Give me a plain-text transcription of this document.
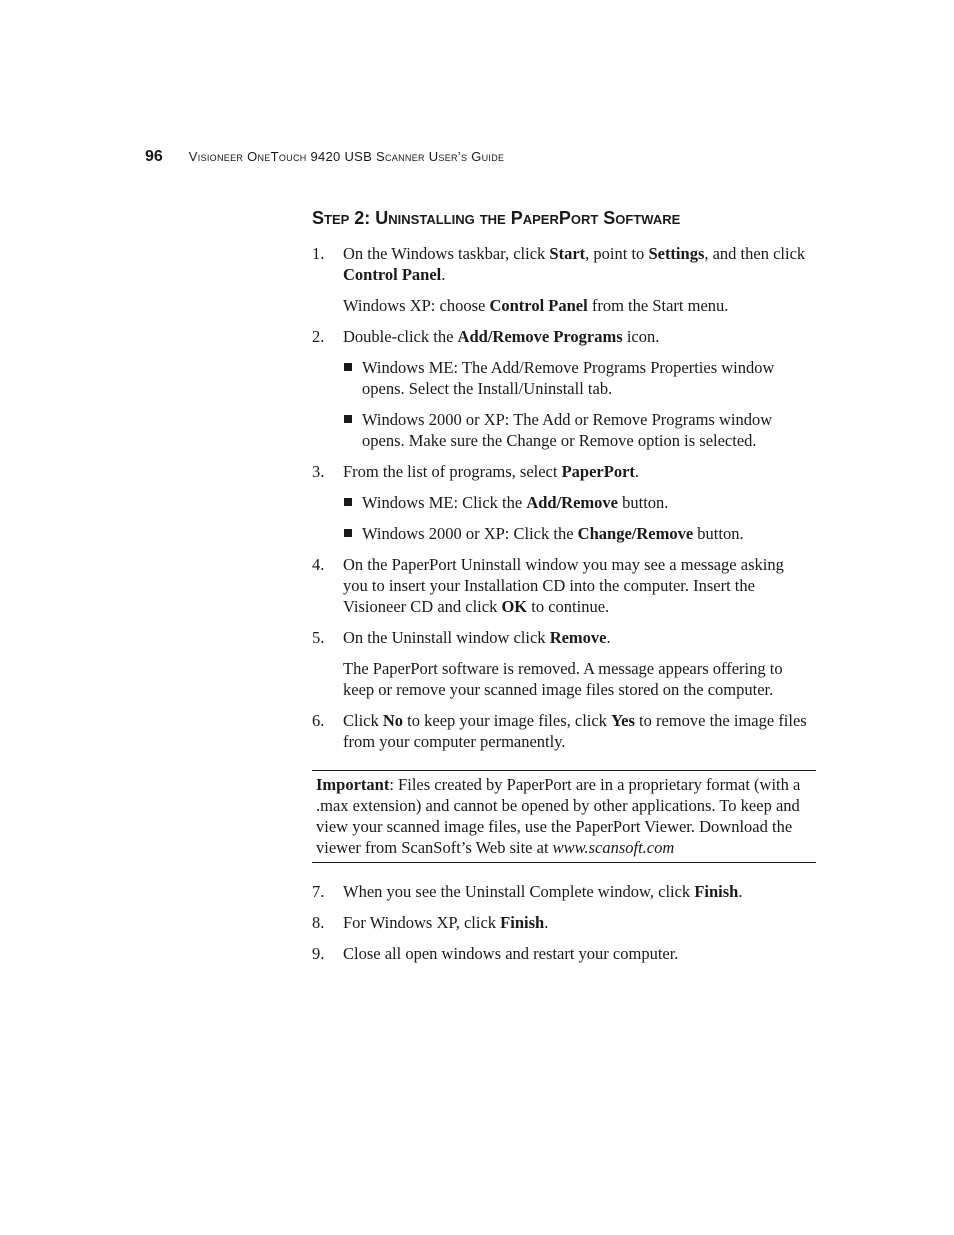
96 Visioneer OneTouch 9420 USB Scanner User’s Guide
Step 2: Uninstalling the PaperPort Software
1. On the Windows taskbar, click Start, point to Settings, and then click Control Panel.
Windows XP: choose Control Panel from the Start menu.
2. Double-click the Add/Remove Programs icon.
Windows ME: The Add/Remove Programs Properties window opens. Select the Install/Uninstall tab.
Windows 2000 or XP: The Add or Remove Programs window opens. Make sure the Change or Remove option is selected.
3. From the list of programs, select PaperPort.
Windows ME: Click the Add/Remove button.
Windows 2000 or XP: Click the Change/Remove button.
4. On the PaperPort Uninstall window you may see a message asking you to insert your Installation CD into the computer. Insert the Visioneer CD and click OK to continue.
5. On the Uninstall window click Remove.
The PaperPort software is removed. A message appears offering to keep or remove your scanned image files stored on the computer.
6. Click No to keep your image files, click Yes to remove the image files from your computer permanently.
Important: Files created by PaperPort are in a proprietary format (with a .max extension) and cannot be opened by other applications. To keep and view your scanned image files, use the PaperPort Viewer. Download the viewer from ScanSoft’s Web site at www.scansoft.com
7. When you see the Uninstall Complete window, click Finish.
8. For Windows XP, click Finish.
9. Close all open windows and restart your computer.
